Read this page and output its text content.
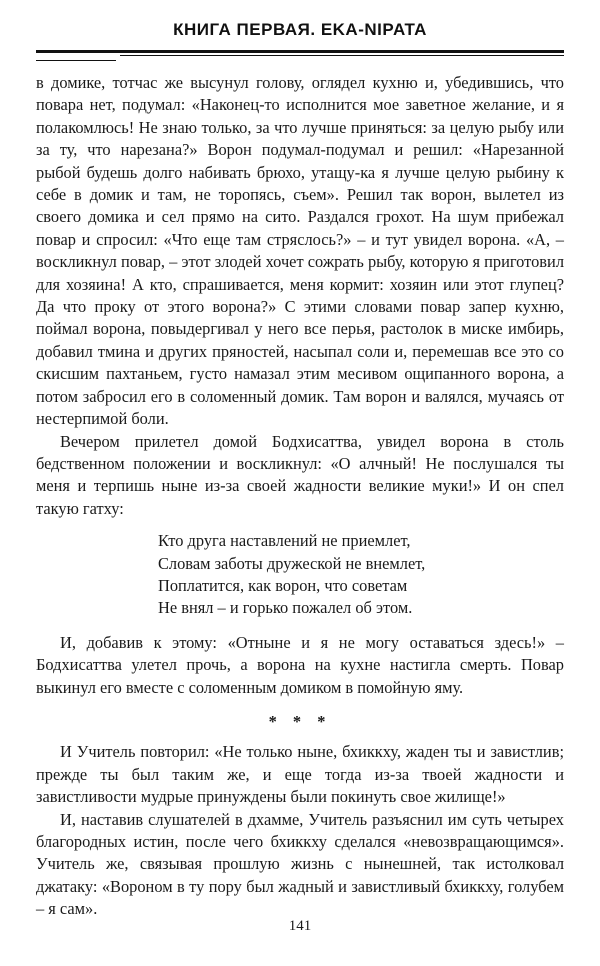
КНИГА ПЕРВАЯ. EKA-NIPATA

в домике, тотчас же высунул голову, оглядел кухню и, убедившись, что повара нет, подумал: «Наконец-то исполнится мое заветное желание, и я полакомлюсь! Не знаю только, за что лучше приняться: за целую рыбу или за ту, что нарезана?» Ворон подумал-подумал и решил: «Нарезанной рыбой будешь долго набивать брюхо, утащу-ка я лучше целую рыбину к себе в домик и там, не торопясь, съем». Решил так ворон, вылетел из своего домика и сел прямо на сито. Раздался грохот. На шум прибежал повар и спросил: «Что еще там стряслось?» – и тут увидел ворона. «А, – воскликнул повар, – этот злодей хочет сожрать рыбу, которую я приготовил для хозяина! А кто, спрашивается, меня кормит: хозяин или этот глупец? Да что проку от этого ворона?» С этими словами повар запер кухню, поймал ворона, повыдергивал у него все перья, растолок в миске имбирь, добавил тмина и других пряностей, насыпал соли и, перемешав все это со скисшим пахтаньем, густо намазал этим месивом ощипанного ворона, а потом забросил его в соломенный домик. Там ворон и валялся, мучаясь от нестерпимой боли.

Вечером прилетел домой Бодхисаттва, увидел ворона в столь бедственном положении и воскликнул: «О алчный! Не послушался ты меня и терпишь ныне из-за своей жадности великие муки!» И он спел такую гатху:

Кто друга наставлений не приемлет,
Словам заботы дружеской не внемлет,
Поплатится, как ворон, что советам
Не внял – и горько пожалел об этом.

И, добавив к этому: «Отныне и я не могу оставаться здесь!» – Бодхисаттва улетел прочь, а ворона на кухне настигла смерть. Повар выкинул его вместе с соломенным домиком в помойную яму.

* * *

И Учитель повторил: «Не только ныне, бхиккху, жаден ты и завистлив; прежде ты был таким же, и еще тогда из-за твоей жадности и завистливости мудрые принуждены были покинуть свое жилище!»

И, наставив слушателей в дхамме, Учитель разъяснил им суть четырех благородных истин, после чего бхиккху сделался «невозвращающимся». Учитель же, связывая прошлую жизнь с нынешней, так истолковал джатаку: «Вороном в ту пору был жадный и завистливый бхиккху, голубем – я сам».

141
